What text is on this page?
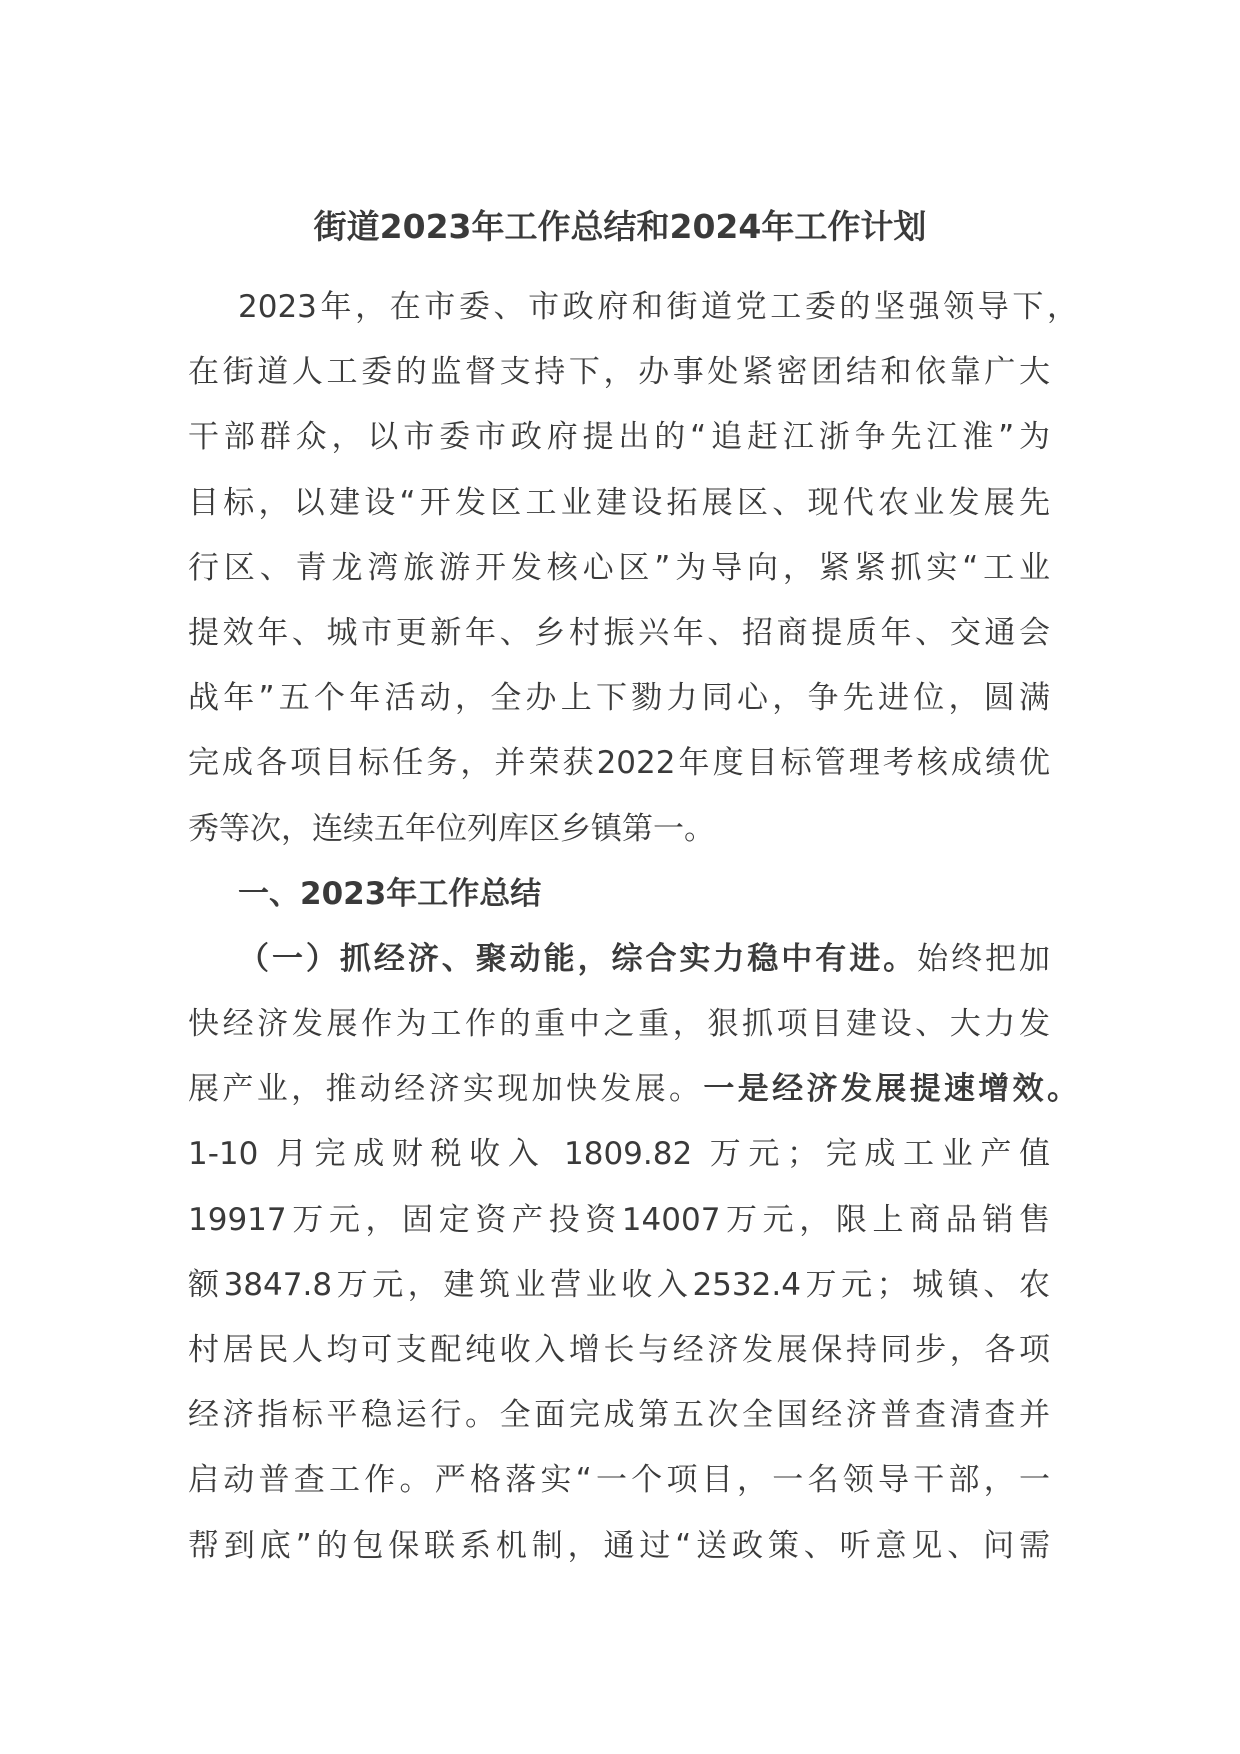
街道2023年工作总结和2024年工作计划
2023年，在市委、市政府和街道党工委的坚强领导下，
在街道人工委的监督支持下，办事处紧密团结和依靠广大
干部群众，以市委市政府提出的“追赶江浙争先江淮”为
目标，以建设“开发区工业建设拓展区、现代农业发展先
行区、青龙湾旅游开发核心区”为导向，紧紧抓实“工业
提效年、城市更新年、乡村振兴年、招商提质年、交通会
战年”五个年活动，全办上下勠力同心，争先进位，圆满
完成各项目标任务，并荣获2022年度目标管理考核成绩优
秀等次，连续五年位列库区乡镇第一。
一、2023年工作总结
（一）抓经济、聚动能，综合实力稳中有进。始终把加
快经济发展作为工作的重中之重，狠抓项目建设、大力发
展产业，推动经济实现加快发展。一是经济发展提速增效。
1-10 月完成财税收入 1809.82 万元；完成工业产值
19917万元，固定资产投资14007万元，限上商品销售
额3847.8万元，建筑业营业收入2532.4万元；城镇、农
村居民人均可支配纯收入增长与经济发展保持同步，各项
经济指标平稳运行。全面完成第五次全国经济普查清查并
启动普查工作。严格落实“一个项目，一名领导干部，一
帮到底”的包保联系机制，通过“送政策、听意见、问需
